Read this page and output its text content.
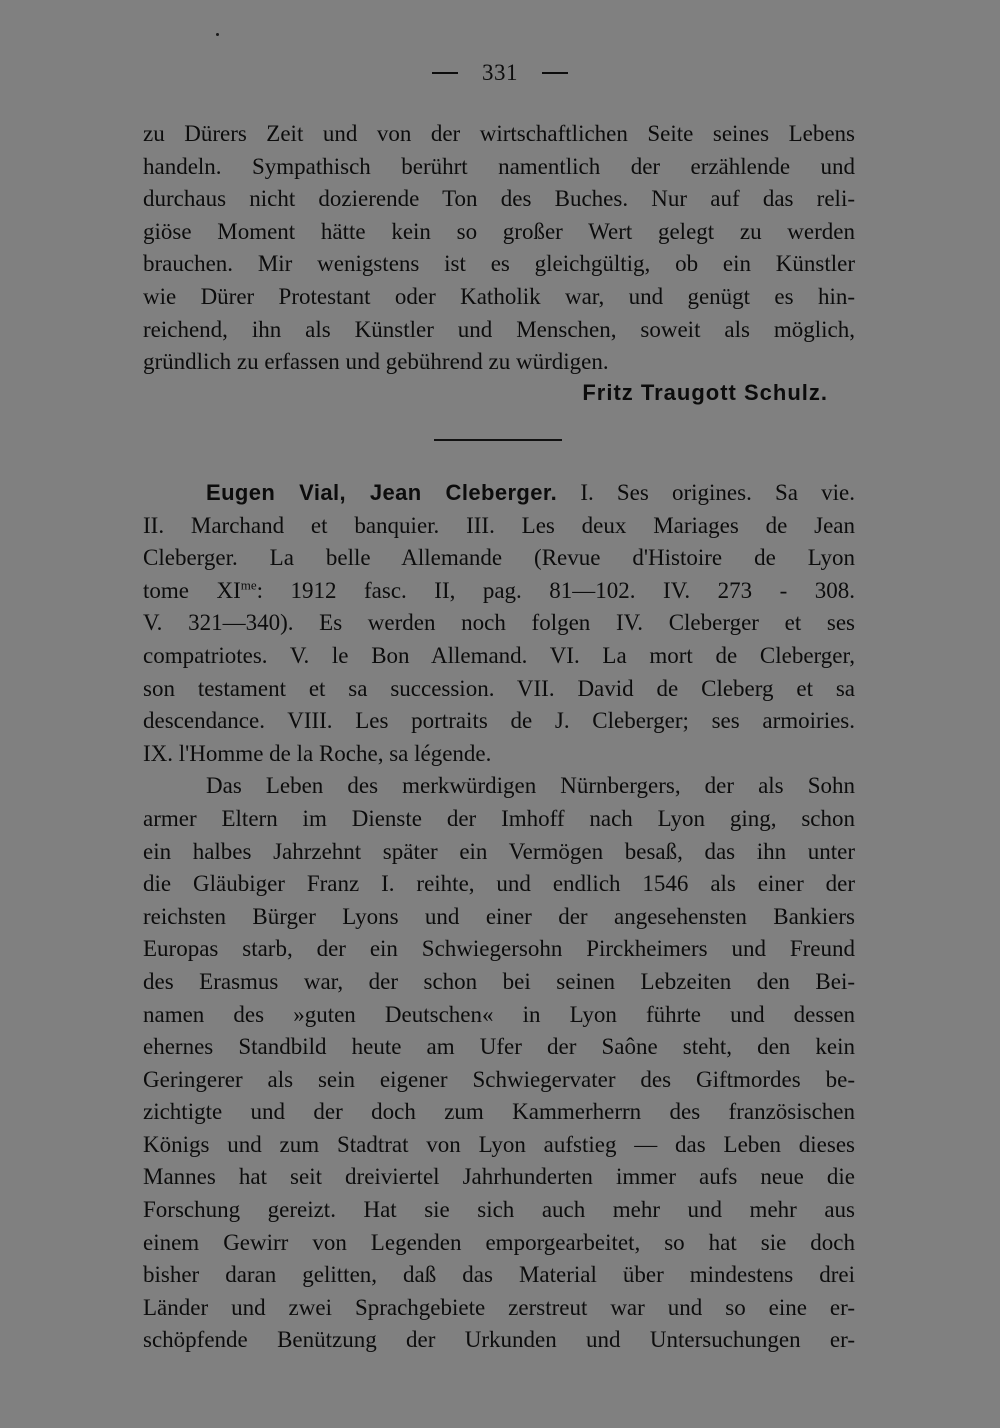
331
zu Dürers Zeit und von der wirtschaftlichen Seite seines Lebens
handeln. Sympathisch berührt namentlich der erzählende und
durchaus nicht dozierende Ton des Buches. Nur auf das reli-
giöse Moment hätte kein so großer Wert gelegt zu werden
brauchen. Mir wenigstens ist es gleichgültig, ob ein Künstler
wie Dürer Protestant oder Katholik war, und genügt es hin-
reichend, ihn als Künstler und Menschen, soweit als möglich,
gründlich zu erfassen und gebührend zu würdigen.
Fritz Traugott Schulz.
Eugen Vial, Jean Cleberger. I. Ses origines. Sa vie.
II. Marchand et banquier. III. Les deux Mariages de Jean
Cleberger. La belle Allemande (Revue d'Histoire de Lyon
tome $XI^{me}$: 1912 fasc. II, pag. 81—102. IV. 273 - 308.
V. 321—340). Es werden noch folgen IV. Cleberger et ses
compatriotes. V. le Bon Allemand. VI. La mort de Cleberger,
son testament et sa succession. VII. David de Cleberg et sa
descendance. VIII. Les portraits de J. Cleberger; ses armoiries.
IX. l'Homme de la Roche, sa légende.
Das Leben des merkwürdigen Nürnbergers, der als Sohn
armer Eltern im Dienste der Imhoff nach Lyon ging, schon
ein halbes Jahrzehnt später ein Vermögen besaß, das ihn unter
die Gläubiger Franz I. reihte, und endlich 1546 als einer der
reichsten Bürger Lyons und einer der angesehensten Bankiers
Europas starb, der ein Schwiegersohn Pirckheimers und Freund
des Erasmus war, der schon bei seinen Lebzeiten den Bei-
namen des »guten Deutschen« in Lyon führte und dessen
ehernes Standbild heute am Ufer der Saône steht, den kein
Geringerer als sein eigener Schwiegervater des Giftmordes be-
zichtigte und der doch zum Kammerherrn des französischen
Königs und zum Stadtrat von Lyon aufstieg — das Leben dieses
Mannes hat seit dreiviertel Jahrhunderten immer aufs neue die
Forschung gereizt. Hat sie sich auch mehr und mehr aus
einem Gewirr von Legenden emporgearbeitet, so hat sie doch
bisher daran gelitten, daß das Material über mindestens drei
Länder und zwei Sprachgebiete zerstreut war und so eine er-
schöpfende Benützung der Urkunden und Untersuchungen er-
